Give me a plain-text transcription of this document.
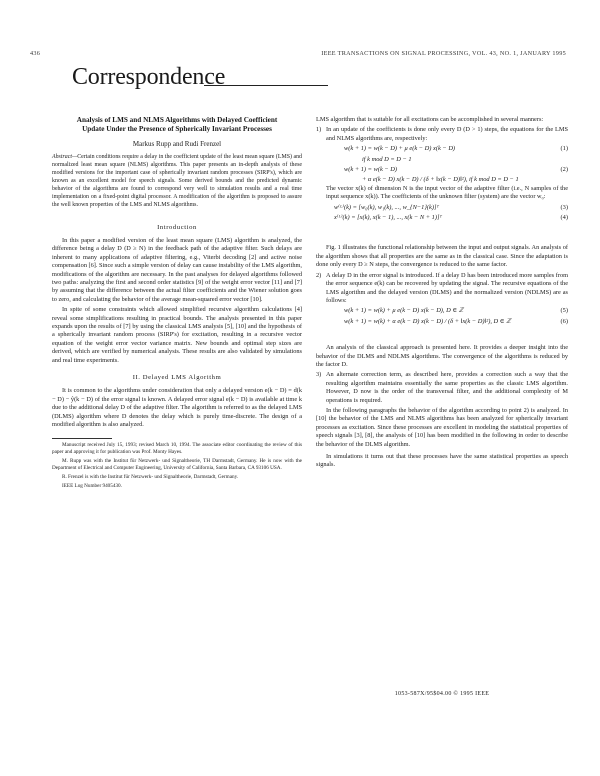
436	IEEE TRANSACTIONS ON SIGNAL PROCESSING, VOL. 43, NO. 1, JANUARY 1995
Correspondence
Analysis of LMS and NLMS Algorithms with Delayed Coefficient Update Under the Presence of Spherically Invariant Processes
Markus Rupp and Rudi Frenzel

Abstract—Certain conditions require a delay in the coefficient update of the least mean square (LMS) and normalized least mean square (NLMS) algorithms. This paper presents an in-depth analysis of these modified versions for the important case of spherically invariant random processes (SIRP's), which are known as an excellent model for speech signals. Some derived bounds and the predicted dynamic behavior of the algorithms are found to correspond very well to simulation results and a real time implementation on a fixed-point digital processor. A modification of the algorithm is proposed to assure the well known properties of the LMS and NLMS algorithms.

Introduction

In this paper a modified version of the least mean square (LMS) algorithm is analyzed, the difference being a delay D (D ≥ N) in the feedback path of the adaptive filter. Such delays are inherent to many applications of adaptive filtering, e.g., Viterbi decoding [2] and active noise compensation [6]. Since such a simple version of delay can cause instability of the LMS algorithm, modifications of the algorithm are necessary. In the past analyses for delayed algorithms followed two paths: analyzing the first and second order statistics [9] of the weight error vector [11] and [7] by assuming that the difference between the actual filter coefficients and the Wiener solution goes to zero, and calculating the behavior of the average mean-squared error vector [10].

In spite of some constraints which allowed simplified recursive algorithm calculations [4] reveal some simplifications resulting in practical bounds. The analysis presented in this paper expands upon the results of [7] by using the classical LMS analysis [5], [10] and the hypothesis of a spherically invariant random process (SIRP's) for excitation, resulting in a recursive vector equation of the weight error vector variance matrix. New bounds and optimal step sizes are derived, which are verified by numerical analysis. These results are also validated by simulations and real time experiments.

II. Delayed LMS Algorithm

It is common to the algorithms under consideration that only a delayed version e(k − D) = d(k − D) − ŷ(k − D) of the error signal is known. A delayed error signal e(k − D) is available at time k due to the additional delay D of the adaptive filter. The algorithm is referred to as the delayed LMS (DLMS) algorithm where D denotes the delay which is purely time-discrete. The design of a modified algorithm is also analyzed.

Manuscript received July 15, 1993; revised March 10, 1994. The associate editor coordinating the review of this paper and approving it for publication was Prof. Monty Hayes.

M. Rupp was with the Institut für Netzwerk- und Signaltheorie, TH Darmstadt, Germany. He is now with the Department of Electrical and Computer Engineering, University of California, Santa Barbara, CA 93106 USA.

R. Frenzel is with the Institut für Netzwerk- und Signaltheorie, Darmstadt, Germany.

IEEE Log Number 9405430.

LMS algorithm that is suitable for all excitations can be accomplished in several manners:

1) In an update of the coefficients is done only every D (D > 1) steps, the equations for the LMS and NLMS algorithms are, respectively:
w(k + 1) = w(k − D) + μ e(k − D) x(k − D)	(1)
if k mod D = D − 1
w(k + 1) = w(k − D)	(2)
+ α e(k − D) x(k − D) / (δ + ‖x(k − D)‖²), if k mod D = D − 1

The vector x(k) of dimension N is the input vector of the adaptive filter (i.e., N samples of the input sequence x(k)). The coefficients of the unknown filter (system) are the vector w₀:

w⁽ᴸ⁾(k) = [w₀(k), w₁(k), ..., w_{N−1}(k)]ᵀ	(3)
x⁽ᴸ⁾(k) = [x(k), x(k − 1), ..., x(k − N + 1)]ᵀ	(4)

Fig. 1 illustrates the functional relationship between the input and output signals. An analysis of the algorithm shows that all properties are the same as in the classical case. Since the adaptation is done only every D ≥ N steps, the convergence is reduced to the same factor.

2) A delay D in the error signal is introduced. If a delay D has been introduced more samples from the error sequence e(k) can be recovered by updating the signal. The recursive equations of the LMS algorithm and the delayed version (DLMS) and the normalized version (NDLMS) are as follows:
w(k + 1) = w(k) + μ e(k − D) x(k − D), D ∈ ℤ	(5)
w(k + 1) = w(k) + α e(k − D) x(k − D) / (δ + ‖x(k − D)‖²), D ∈ ℤ	(6)

An analysis of the classical approach is presented here. It provides a deeper insight into the behavior of the DLMS and NDLMS algorithms. The convergence of the algorithms is reduced by the factor D.

3) An alternate correction term, as described here, provides a correction such a way that the resulting algorithm maintains essentially the same properties as the classic LMS algorithm. However, D now is the order of the transversal filter, and the additional complexity of M operations is required.

In the following paragraphs the behavior of the algorithm according to point 2) is analyzed. In [10] the behavior of the LMS and NLMS algorithms has been analyzed for spherically invariant processes as excitation. Since these processes are excellent in modeling the statistical properties of speech signals [3], [8], the analysis of [10] has been modified in the following in order to describe the behavior of the DLMS algorithm.

In simulations it turns out that these processes have the same statistical properties as speech signals.

1053-587X/95$04.00 © 1995 IEEE
